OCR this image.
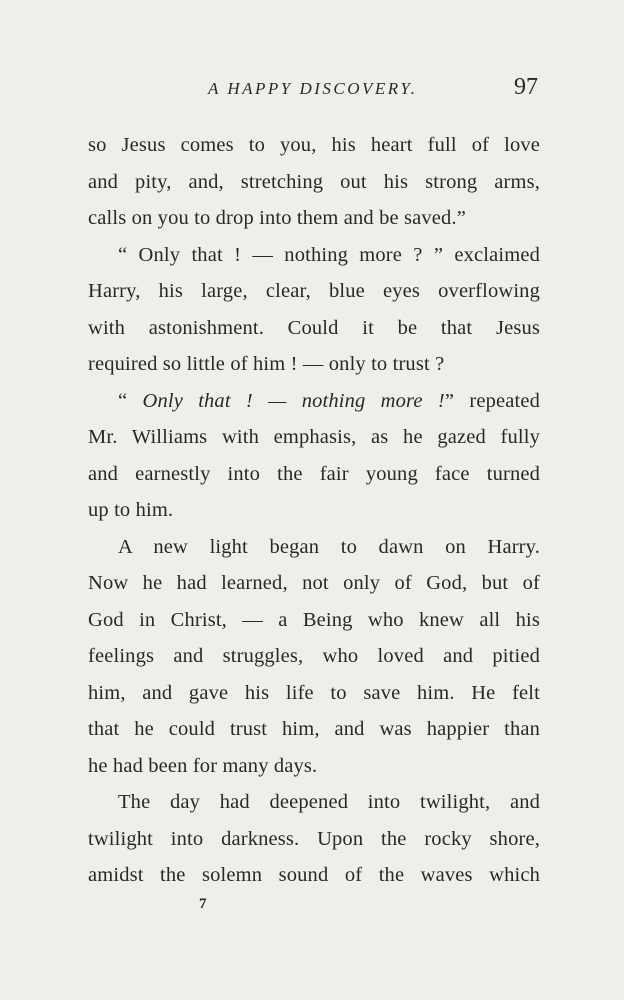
A HAPPY DISCOVERY.	97
so Jesus comes to you, his heart full of love
and pity, and, stretching out his strong arms,
calls on you to drop into them and be saved.”
“ Only that ! — nothing more ? ” exclaimed
Harry, his large, clear, blue eyes overflowing
with astonishment. Could it be that Jesus
required so little of him ! — only to trust ?
“ Only that ! — nothing more !” repeated
Mr. Williams with emphasis, as he gazed fully
and earnestly into the fair young face turned
up to him.
A new light began to dawn on Harry.
Now he had learned, not only of God, but of
God in Christ, — a Being who knew all his
feelings and struggles, who loved and pitied
him, and gave his life to save him. He felt
that he could trust him, and was happier than
he had been for many days.
The day had deepened into twilight, and
twilight into darkness. Upon the rocky shore,
amidst the solemn sound of the waves which
7
